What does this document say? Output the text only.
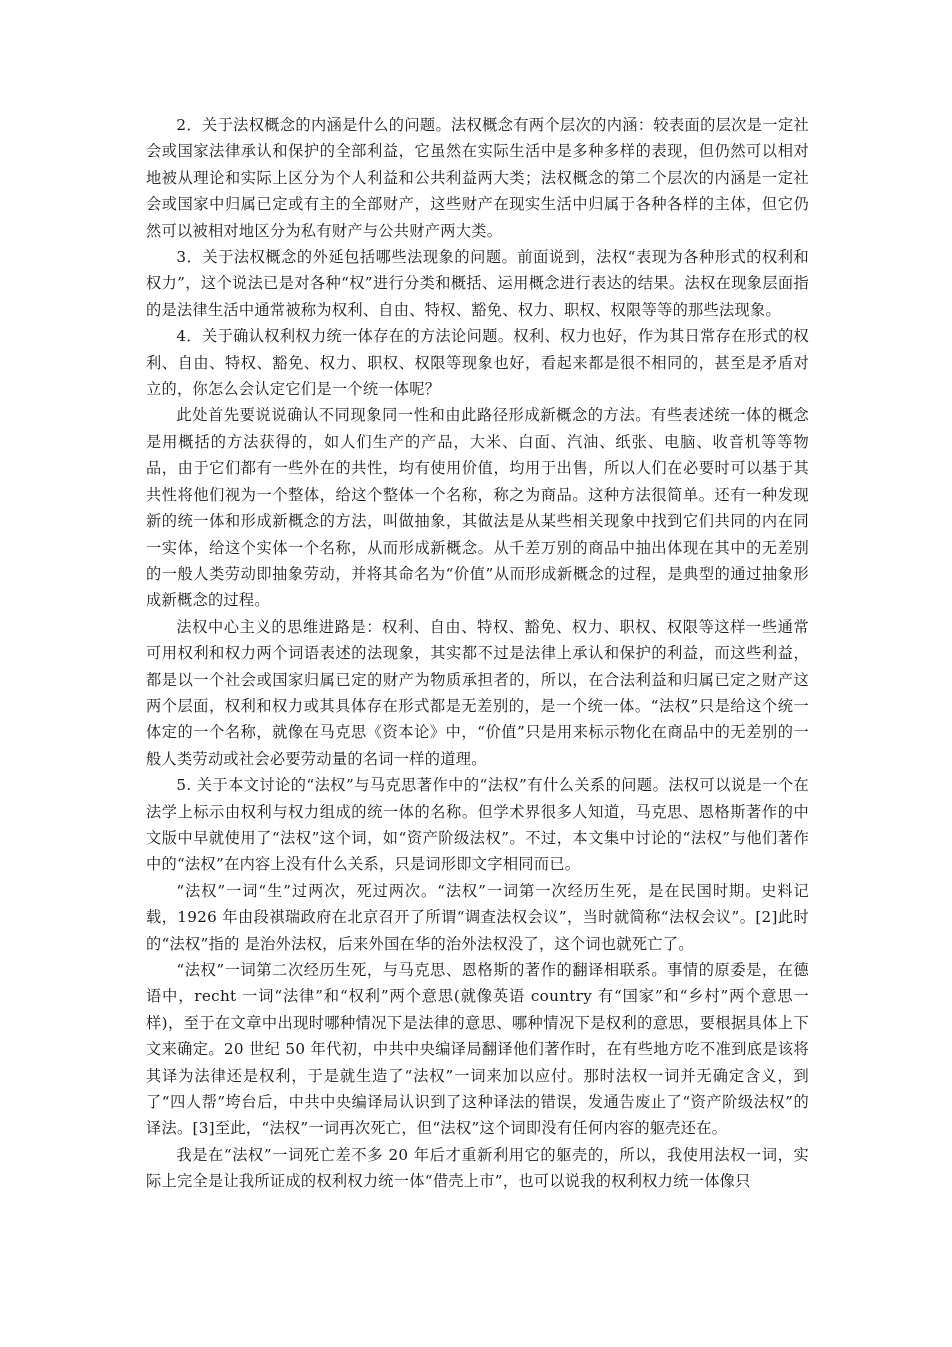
2．关于法权概念的内涵是什么的问题。法权概念有两个层次的内涵：较表面的层次是一定社会或国家法律承认和保护的全部利益，它虽然在实际生活中是多种多样的表现，但仍然可以相对地被从理论和实际上区分为个人利益和公共利益两大类；法权概念的第二个层次的内涵是一定社会或国家中归属已定或有主的全部财产，这些财产在现实生活中归属于各种各样的主体，但它仍然可以被相对地区分为私有财产与公共财产两大类。

3．关于法权概念的外延包括哪些法现象的问题。前面说到，法权“表现为各种形式的权利和权力”，这个说法已是对各种“权”进行分类和概括、运用概念进行表达的结果。法权在现象层面指的是法律生活中通常被称为权利、自由、特权、豁免、权力、职权、权限等等的那些法现象。

4．关于确认权利权力统一体存在的方法论问题。权利、权力也好，作为其日常存在形式的权利、自由、特权、豁免、权力、职权、权限等现象也好，看起来都是很不相同的，甚至是矛盾对立的，你怎么会认定它们是一个统一体呢？

此处首先要说说确认不同现象同一性和由此路径形成新概念的方法。有些表述统一体的概念是用概括的方法获得的，如人们生产的产品，大米、白面、汽油、纸张、电脑、收音机等等物品，由于它们都有一些外在的共性，均有使用价值，均用于出售，所以人们在必要时可以基于其共性将他们视为一个整体，给这个整体一个名称，称之为商品。这种方法很简单。还有一种发现新的统一体和形成新概念的方法，叫做抽象，其做法是从某些相关现象中找到它们共同的内在同一实体，给这个实体一个名称，从而形成新概念。从千差万别的商品中抽出体现在其中的无差别的一般人类劳动即抽象劳动，并将其命名为“价值”从而形成新概念的过程，是典型的通过抽象形成新概念的过程。

法权中心主义的思维进路是：权利、自由、特权、豁免、权力、职权、权限等这样一些通常可用权利和权力两个词语表述的法现象，其实都不过是法律上承认和保护的利益，而这些利益，都是以一个社会或国家归属已定的财产为物质承担者的，所以，在合法利益和归属已定之财产这两个层面，权利和权力或其具体存在形式都是无差别的，是一个统一体。“法权”只是给这个统一体定的一个名称，就像在马克思《资本论》中，“价值”只是用来标示物化在商品中的无差别的一般人类劳动或社会必要劳动量的名词一样的道理。

5. 关于本文讨论的“法权”与马克思著作中的“法权”有什么关系的问题。法权可以说是一个在法学上标示由权利与权力组成的统一体的名称。但学术界很多人知道，马克思、恩格斯著作的中文版中早就使用了“法权”这个词，如“资产阶级法权”。不过，本文集中讨论的“法权”与他们著作中的“法权”在内容上没有什么关系，只是词形即文字相同而已。

“法权”一词“生”过两次，死过两次。“法权”一词第一次经历生死，是在民国时期。史料记载，1926 年由段祺瑞政府在北京召开了所谓“调查法权会议”，当时就简称“法权会议”。[2]此时的“法权”指的 是治外法权，后来外国在华的治外法权没了，这个词也就死亡了。

“法权”一词第二次经历生死，与马克思、恩格斯的著作的翻译相联系。事情的原委是，在德语中，recht 一词“法律”和“权利”两个意思(就像英语 country 有“国家”和“乡村”两个意思一样)，至于在文章中出现时哪种情况下是法律的意思、哪种情况下是权利的意思，要根据具体上下文来确定。20 世纪 50 年代初，中共中央编译局翻译他们著作时，在有些地方吃不准到底是该将其译为法律还是权利，于是就生造了“法权”一词来加以应付。那时法权一词并无确定含义，到了“四人帮”垮台后，中共中央编译局认识到了这种译法的错误，发通告废止了“资产阶级法权”的译法。[3]至此，“法权”一词再次死亡，但“法权”这个词即没有任何内容的躯壳还在。

我是在“法权”一词死亡差不多 20 年后才重新利用它的躯壳的，所以，我使用法权一词，实际上完全是让我所证成的权利权力统一体“借壳上市”，也可以说我的权利权力统一体像只
